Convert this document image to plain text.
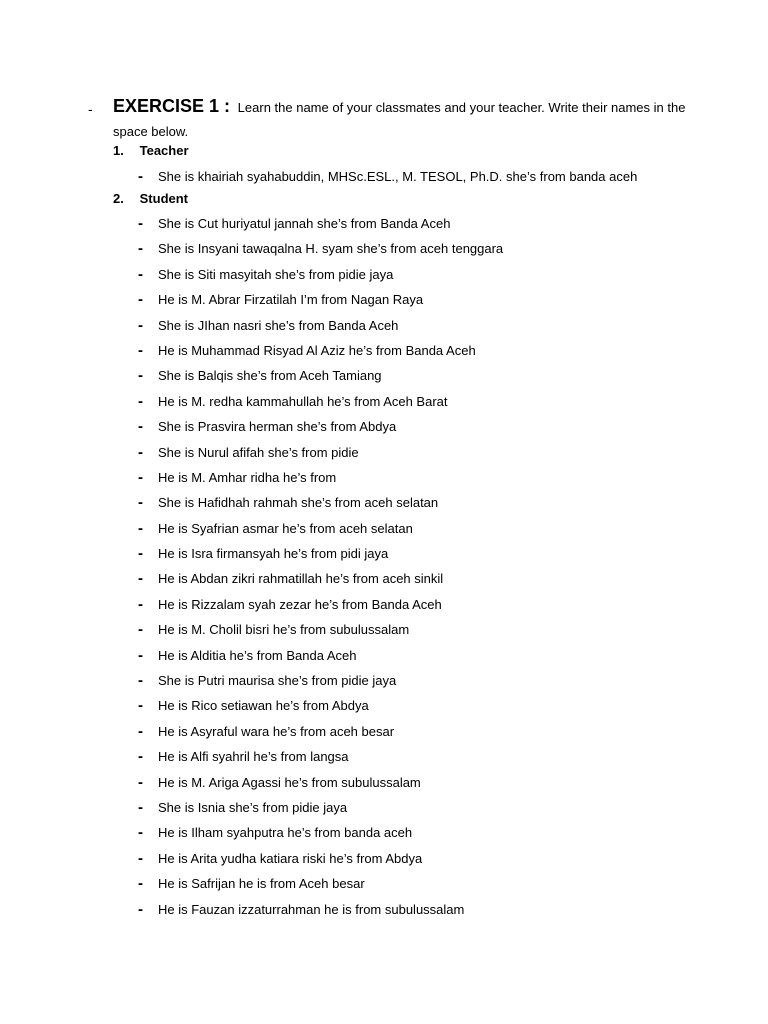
- EXERCISE 1 : Learn the name of your classmates and your teacher. Write their names in the space below.
1. Teacher
- She is khairiah syahabuddin, MHSc.ESL., M. TESOL, Ph.D. she’s from banda aceh
2. Student
- She is Cut huriyatul jannah she’s from Banda Aceh
- She is Insyani tawaqalna H. syam she’s from aceh tenggara
- She is Siti masyitah she’s from pidie jaya
- He is M. Abrar Firzatilah I’m from Nagan Raya
- She is JIhan nasri she’s from Banda Aceh
- He is Muhammad Risyad Al Aziz he’s from Banda Aceh
- She is Balqis she’s from Aceh Tamiang
- He is M. redha kammahullah he’s from Aceh Barat
- She is Prasvira herman she’s from Abdya
- She is Nurul afifah she’s from pidie
- He is M. Amhar ridha he’s from
- She is Hafidhah rahmah she’s from aceh selatan
- He is Syafrian asmar he’s from aceh selatan
- He is Isra firmansyah he’s from pidi jaya
- He is Abdan zikri rahmatillah he’s from aceh sinkil
- He is Rizzalam syah zezar he’s from Banda Aceh
- He is M. Cholil bisri he’s from subulussalam
- He is Alditia he’s from Banda Aceh
- She is Putri maurisa she’s from pidie jaya
- He is Rico setiawan he’s from Abdya
- He is Asyraful wara he’s from aceh besar
- He is Alfi syahril he’s from langsa
- He is M. Ariga Agassi he’s from subulussalam
- She is Isnia she’s from pidie jaya
- He is Ilham syahputra he’s from banda aceh
- He is Arita yudha katiara riski he’s from Abdya
- He is Safrijan he is from Aceh besar
- He is Fauzan izzaturrahman he is from subulussalam
